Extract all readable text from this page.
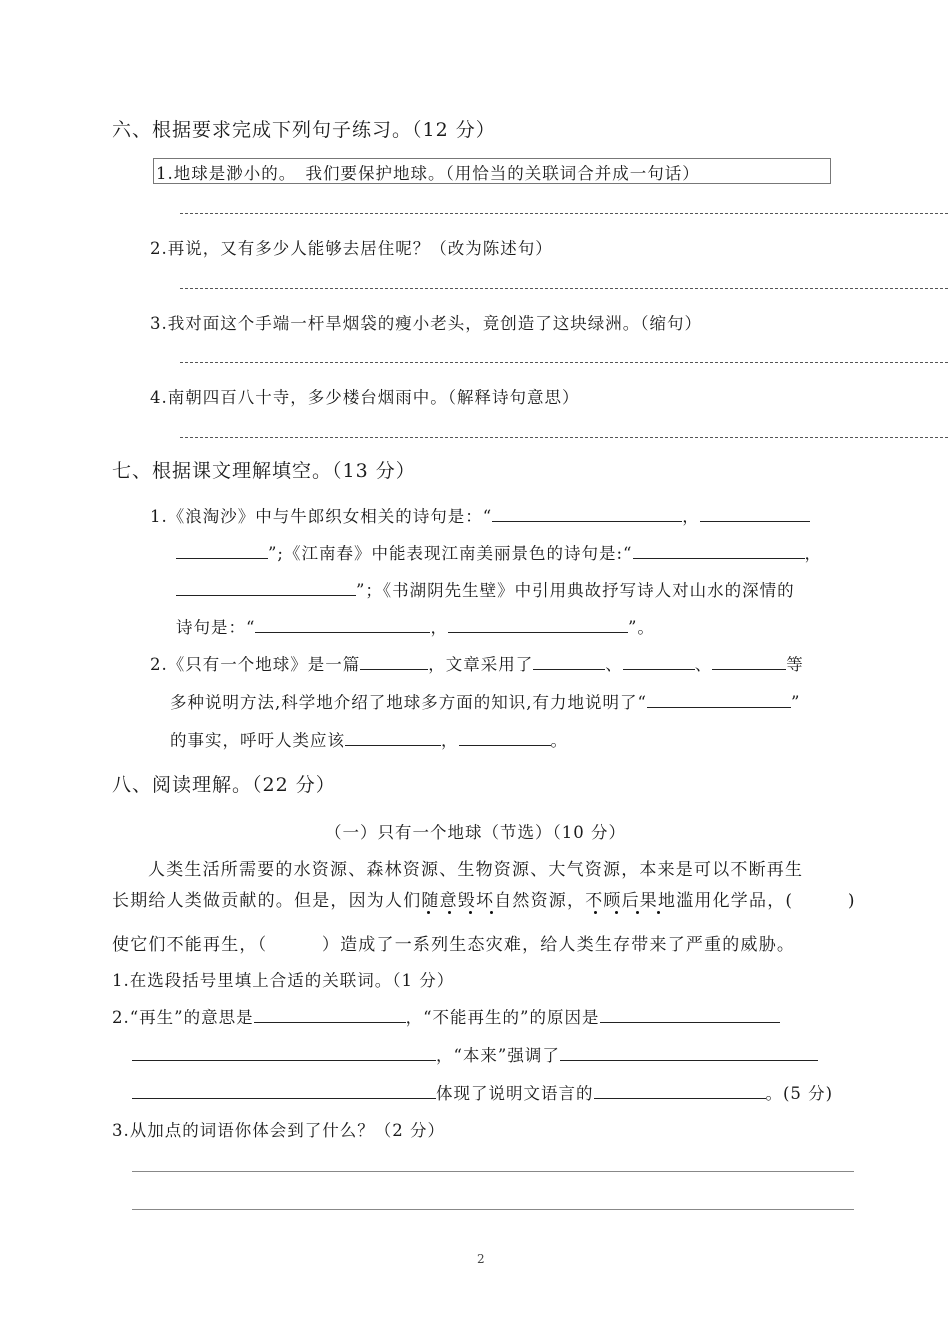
六、根据要求完成下列句子练习。（12 分）
1.地球是渺小的。　我们要保护地球。（用恰当的关联词合并成一句话）
2.再说，又有多少人能够去居住呢？（改为陈述句）
3.我对面这个手端一杆旱烟袋的瘦小老头，竟创造了这块绿洲。（缩句）
4.南朝四百八十寺，多少楼台烟雨中。（解释诗句意思）
七、根据课文理解填空。（13 分）
1.《浪淘沙》中与牛郎织女相关的诗句是：“	，
”;《江南春》中能表现江南美丽景色的诗句是:“	，
”；《书湖阴先生壁》中引用典故抒写诗人对山水的深情的
诗句是：“	，	”。
2.《只有一个地球》是一篇	，文章采用了	、	、	等
多种说明方法,科学地介绍了地球多方面的知识,有力地说明了“	”
的事实，呼吁人类应该	，	。
八、阅读理解。（22 分）
（一）只有一个地球（节选）（10 分）
人类生活所需要的水资源、森林资源、生物资源、大气资源，本来是可以不断再生
长期给人类做贡献的。但是，因为人们随意毁坏自然资源，不顾后果地滥用化学品，(　　　)
使它们不能再生，（　　　）造成了一系列生态灾难，给人类生存带来了严重的威胁。
1.在选段括号里填上合适的关联词。（1 分）
2.“再生”的意思是	，“不能再生的”的原因是
，“本来”强调了
体现了说明文语言的	。(5 分)
3.从加点的词语你体会到了什么？（2 分）
2
